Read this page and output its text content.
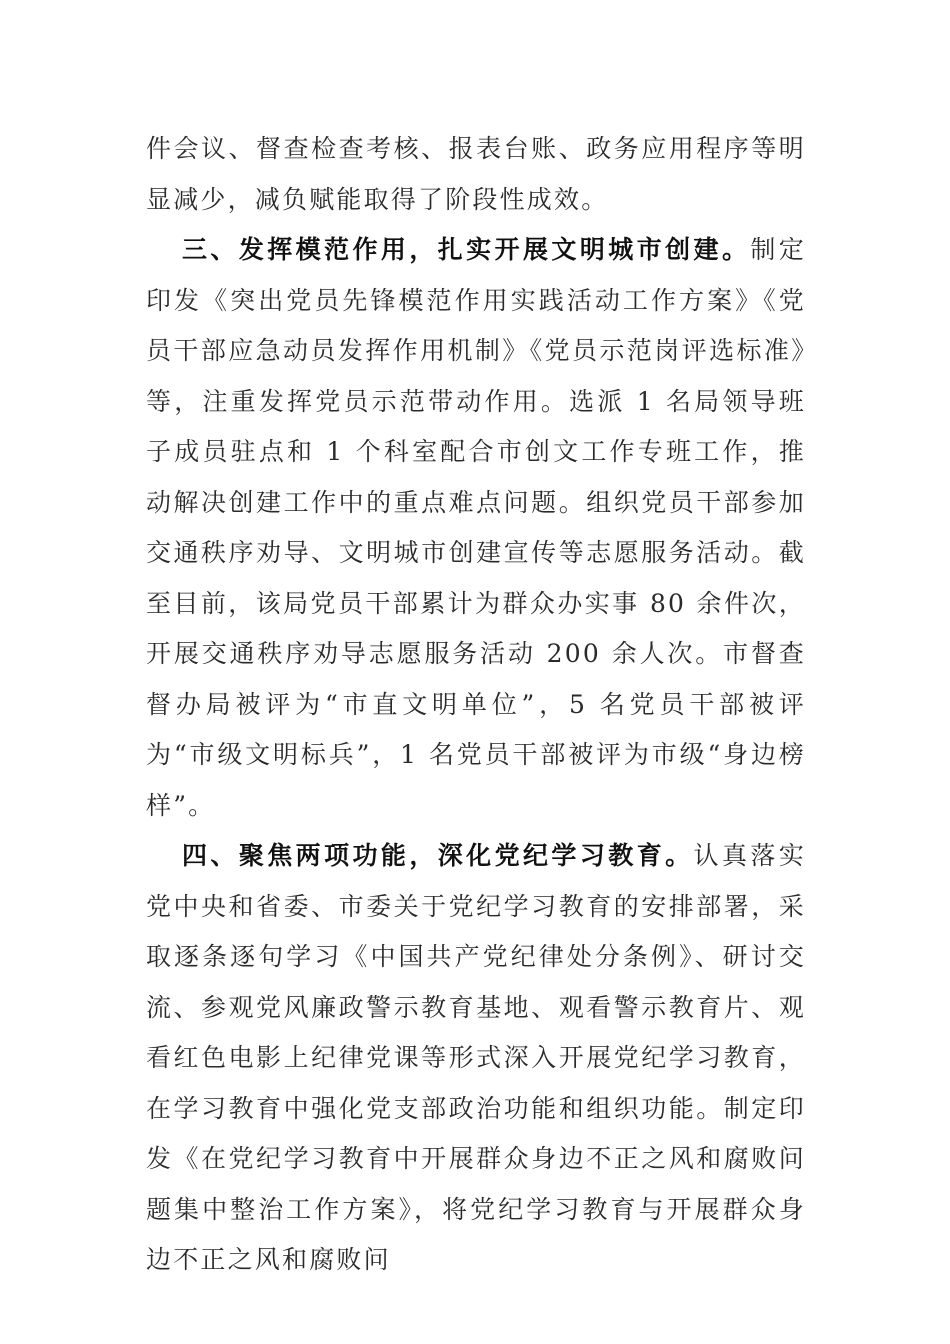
件会议、督查检查考核、报表台账、政务应用程序等明显减少，减负赋能取得了阶段性成效。

三、发挥模范作用，扎实开展文明城市创建。制定印发《突出党员先锋模范作用实践活动工作方案》《党员干部应急动员发挥作用机制》《党员示范岗评选标准》等，注重发挥党员示范带动作用。选派 1 名局领导班子成员驻点和 1 个科室配合市创文工作专班工作，推动解决创建工作中的重点难点问题。组织党员干部参加交通秩序劝导、文明城市创建宣传等志愿服务活动。截至目前，该局党员干部累计为群众办实事 80 余件次，开展交通秩序劝导志愿服务活动 200 余人次。市督查督办局被评为“市直文明单位”，5 名党员干部被评为“市级文明标兵”，1 名党员干部被评为市级“身边榜样”。

四、聚焦两项功能，深化党纪学习教育。认真落实党中央和省委、市委关于党纪学习教育的安排部署，采取逐条逐句学习《中国共产党纪律处分条例》、研讨交流、参观党风廉政警示教育基地、观看警示教育片、观看红色电影上纪律党课等形式深入开展党纪学习教育，在学习教育中强化党支部政治功能和组织功能。制定印发《在党纪学习教育中开展群众身边不正之风和腐败问题集中整治工作方案》，将党纪学习教育与开展群众身边不正之风和腐败问
